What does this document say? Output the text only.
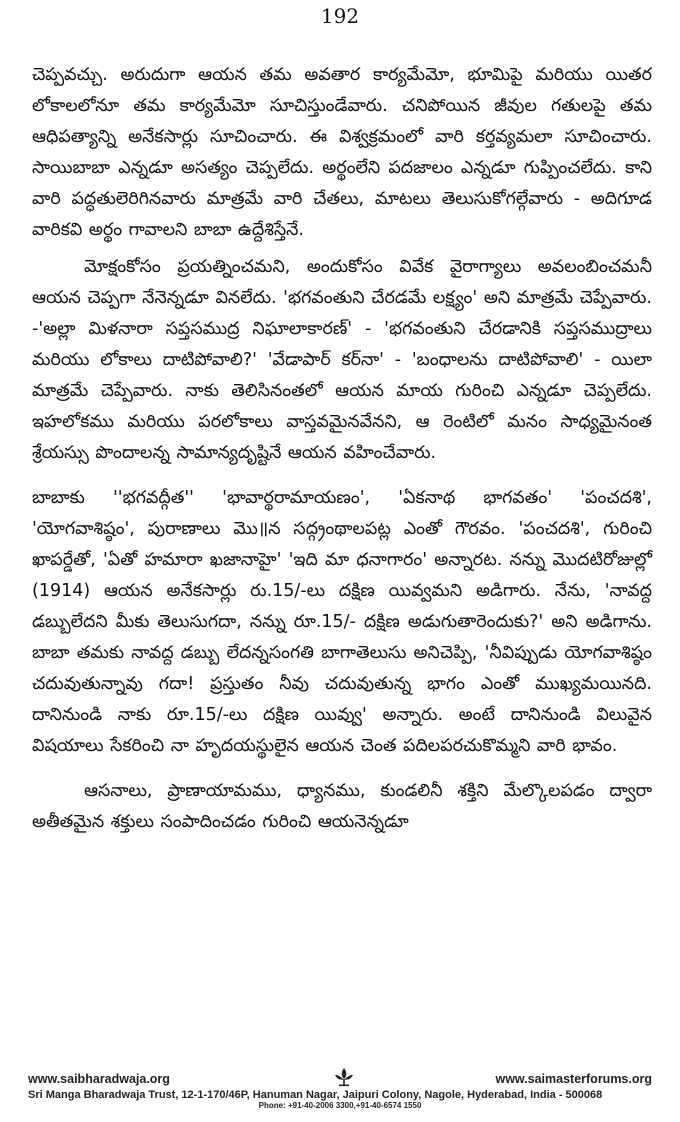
192

చెప్పవచ్చు. అరుదుగా ఆయన తమ అవతార కార్యమేమో, భూమిపై మరియు యితర లోకాలలోనూ తమ కార్యమేమో సూచిస్తుండేవారు. చనిపోయిన జీవుల గతులపై తమ ఆధిపత్యాన్ని అనేకసార్లు సూచించారు. ఈ విశ్వక్రమంలో వారి కర్తవ్యమలా సూచించారు. సాయిబాబా ఎన్నడూ అసత్యం చెప్పలేదు. అర్థంలేని పదజాలం ఎన్నడూ గుప్పించలేదు. కాని వారి పద్ధతులెరిగినవారు మాత్రమే వారి చేతలు, మాటలు తెలుసుకోగల్గేవారు - అదిగూడ వారికవి అర్థం గావాలని బాబా ఉద్దేశిస్తేనే.

మోక్షంకోసం ప్రయత్నించమని, అందుకోసం వివేక వైరాగ్యాలు అవలంబించమనీ ఆయన చెప్పగా నేనెన్నడూ వినలేదు. 'భగవంతుని చేరడమే లక్ష్యం' అని మాత్రమే చెప్పేవారు. -'అల్లా మిళనారా సప్తసముద్ర నిఘాలాకారణ్' - 'భగవంతుని చేరడానికి సప్తసముద్రాలు మరియు లోకాలు దాటిపోవాలి?' 'వేడాపార్ కర్‌నా' - 'బంధాలను దాటిపోవాలి' - యిలా మాత్రమే చెప్పేవారు. నాకు తెలిసినంతలో ఆయన మాయ గురించి ఎన్నడూ చెప్పలేదు. ఇహలోకము మరియు పరలోకాలు వాస్తవమైనవేనని, ఆ రెంటిలో మనం సాధ్యమైనంత శ్రేయస్సు పొందాలన్న సామాన్యదృష్టినే ఆయన వహించేవారు.

బాబాకు ''భగవద్గీత'' 'భావార్థరామాయణం', 'ఏకనాథ భాగవతం' 'పంచదశి', 'యోగవాశిష్ఠం', పురాణాలు మొ॥న సద్గ్రంథాలపట్ల ఎంతో గౌరవం. 'పంచదశి', గురించి ఖాపర్డేతో, 'ఏతో హమారా ఖజానాహై' 'ఇది మా ధనాగారం' అన్నారట. నన్ను మొదటిరోజుల్లో (1914) ఆయన అనేకసార్లు రు.15/-లు దక్షిణ యివ్వమని అడిగారు. నేను, 'నావద్ద డబ్బులేదని మీకు తెలుసుగదా, నన్ను రూ.15/- దక్షిణ అడుగుతారెందుకు?' అని అడిగాను. బాబా తమకు నావద్ద డబ్బు లేదన్నసంగతి బాగాతెలుసు అనిచెప్పి, 'నీవిప్పుడు యోగవాశిష్ఠం చదువుతున్నావు గదా! ప్రస్తుతం నీవు చదువుతున్న భాగం ఎంతో ముఖ్యమయినది. దానినుండి నాకు రూ.15/-లు దక్షిణ యివ్వు' అన్నారు. అంటే దానినుండి విలువైన విషయాలు సేకరించి నా హృదయస్థులైన ఆయన చెంత పదిలపరచుకొమ్మని వారి భావం.

ఆసనాలు, ప్రాణాయామము, ధ్యానము, కుండలినీ శక్తిని మేల్కొలపడం ద్వారా అతీతమైన శక్తులు సంపాదించడం గురించి ఆయనెన్నడూ

www.saibharadwaja.org	www.saimasterforums.org
Sri Manga Bharadwaja Trust, 12-1-170/46P, Hanuman Nagar, Jaipuri Colony, Nagole, Hyderabad, India - 500068
Phone: +91-40-2006 3300,+91-40-6574 1550
